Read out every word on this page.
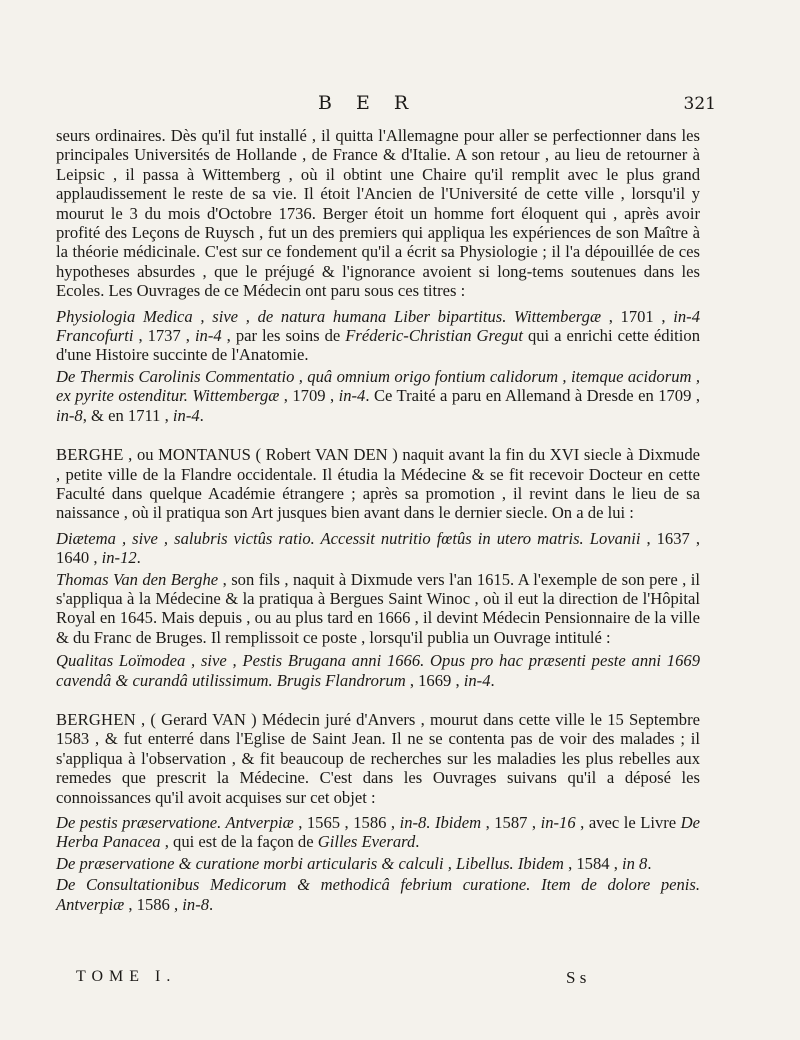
B E R	321

seurs ordinaires. Dès qu'il fut installé , il quitta l'Allemagne pour aller se perfectionner dans les principales Universités de Hollande , de France & d'Italie. A son retour , au lieu de retourner à Leipsic , il passa à Wittemberg , où il obtint une Chaire qu'il remplit avec le plus grand applaudissement le reste de sa vie. Il étoit l'Ancien de l'Université de cette ville , lorsqu'il y mourut le 3 du mois d'Octobre 1736. Berger étoit un homme fort éloquent qui , après avoir profité des Leçons de Ruysch , fut un des premiers qui appliqua les expériences de son Maître à la théorie médicinale. C'est sur ce fondement qu'il a écrit sa Physiologie ; il l'a dépouillée de ces hypotheses absurdes , que le préjugé & l'ignorance avoient si long-tems soutenues dans les Ecoles. Les Ouvrages de ce Médecin ont paru sous ces titres :

Physiologia Medica , sive , de natura humana Liber bipartitus. Wittembergæ , 1701 , in-4 Francofurti , 1737 , in-4 , par les soins de Fréderic-Christian Gregut qui a enrichi cette édition d'une Histoire succinte de l'Anatomie.

De Thermis Carolinis Commentatio , quâ omnium origo fontium calidorum , itemque acidorum , ex pyrite ostenditur. Wittembergæ , 1709 , in-4. Ce Traité a paru en Allemand à Dresde en 1709 , in-8, & en 1711 , in-4.

BERGHE , ou MONTANUS ( Robert VAN DEN ) naquit avant la fin du XVI siecle à Dixmude , petite ville de la Flandre occidentale. Il étudia la Médecine & se fit recevoir Docteur en cette Faculté dans quelque Académie étrangere ; après sa promotion , il revint dans le lieu de sa naissance , où il pratiqua son Art jusques bien avant dans le dernier siecle. On a de lui :

Diætema , sive , salubris victûs ratio. Accessit nutritio fœtûs in utero matris. Lovanii , 1637 , 1640 , in-12.

Thomas Van den Berghe , son fils , naquit à Dixmude vers l'an 1615. A l'exemple de son pere , il s'appliqua à la Médecine & la pratiqua à Bergues Saint Winoc , où il eut la direction de l'Hôpital Royal en 1645. Mais depuis , ou au plus tard en 1666 , il devint Médecin Pensionnaire de la ville & du Franc de Bruges. Il remplissoit ce poste , lorsqu'il publia un Ouvrage intitulé :

Qualitas Loïmodea , sive , Pestis Brugana anni 1666. Opus pro hac præsenti peste anni 1669 cavendâ & curandâ utilissimum. Brugis Flandrorum , 1669 , in-4.

BERGHEN , ( Gerard VAN ) Médecin juré d'Anvers , mourut dans cette ville le 15 Septembre 1583 , & fut enterré dans l'Eglise de Saint Jean. Il ne se contenta pas de voir des malades ; il s'appliqua à l'observation , & fit beaucoup de recherches sur les maladies les plus rebelles aux remedes que prescrit la Médecine. C'est dans les Ouvrages suivans qu'il a déposé les connoissances qu'il avoit acquises sur cet objet :

De pestis præservatione. Antverpiæ , 1565 , 1586 , in-8. Ibidem , 1587 , in-16 , avec le Livre De Herba Panacea , qui est de la façon de Gilles Everard.

De præservatione & curatione morbi articularis & calculi , Libellus. Ibidem , 1584 , in 8.

De Consultationibus Medicorum & methodicâ febrium curatione. Item de dolore penis. Antverpiæ , 1586 , in-8.

TOME I.	S s
